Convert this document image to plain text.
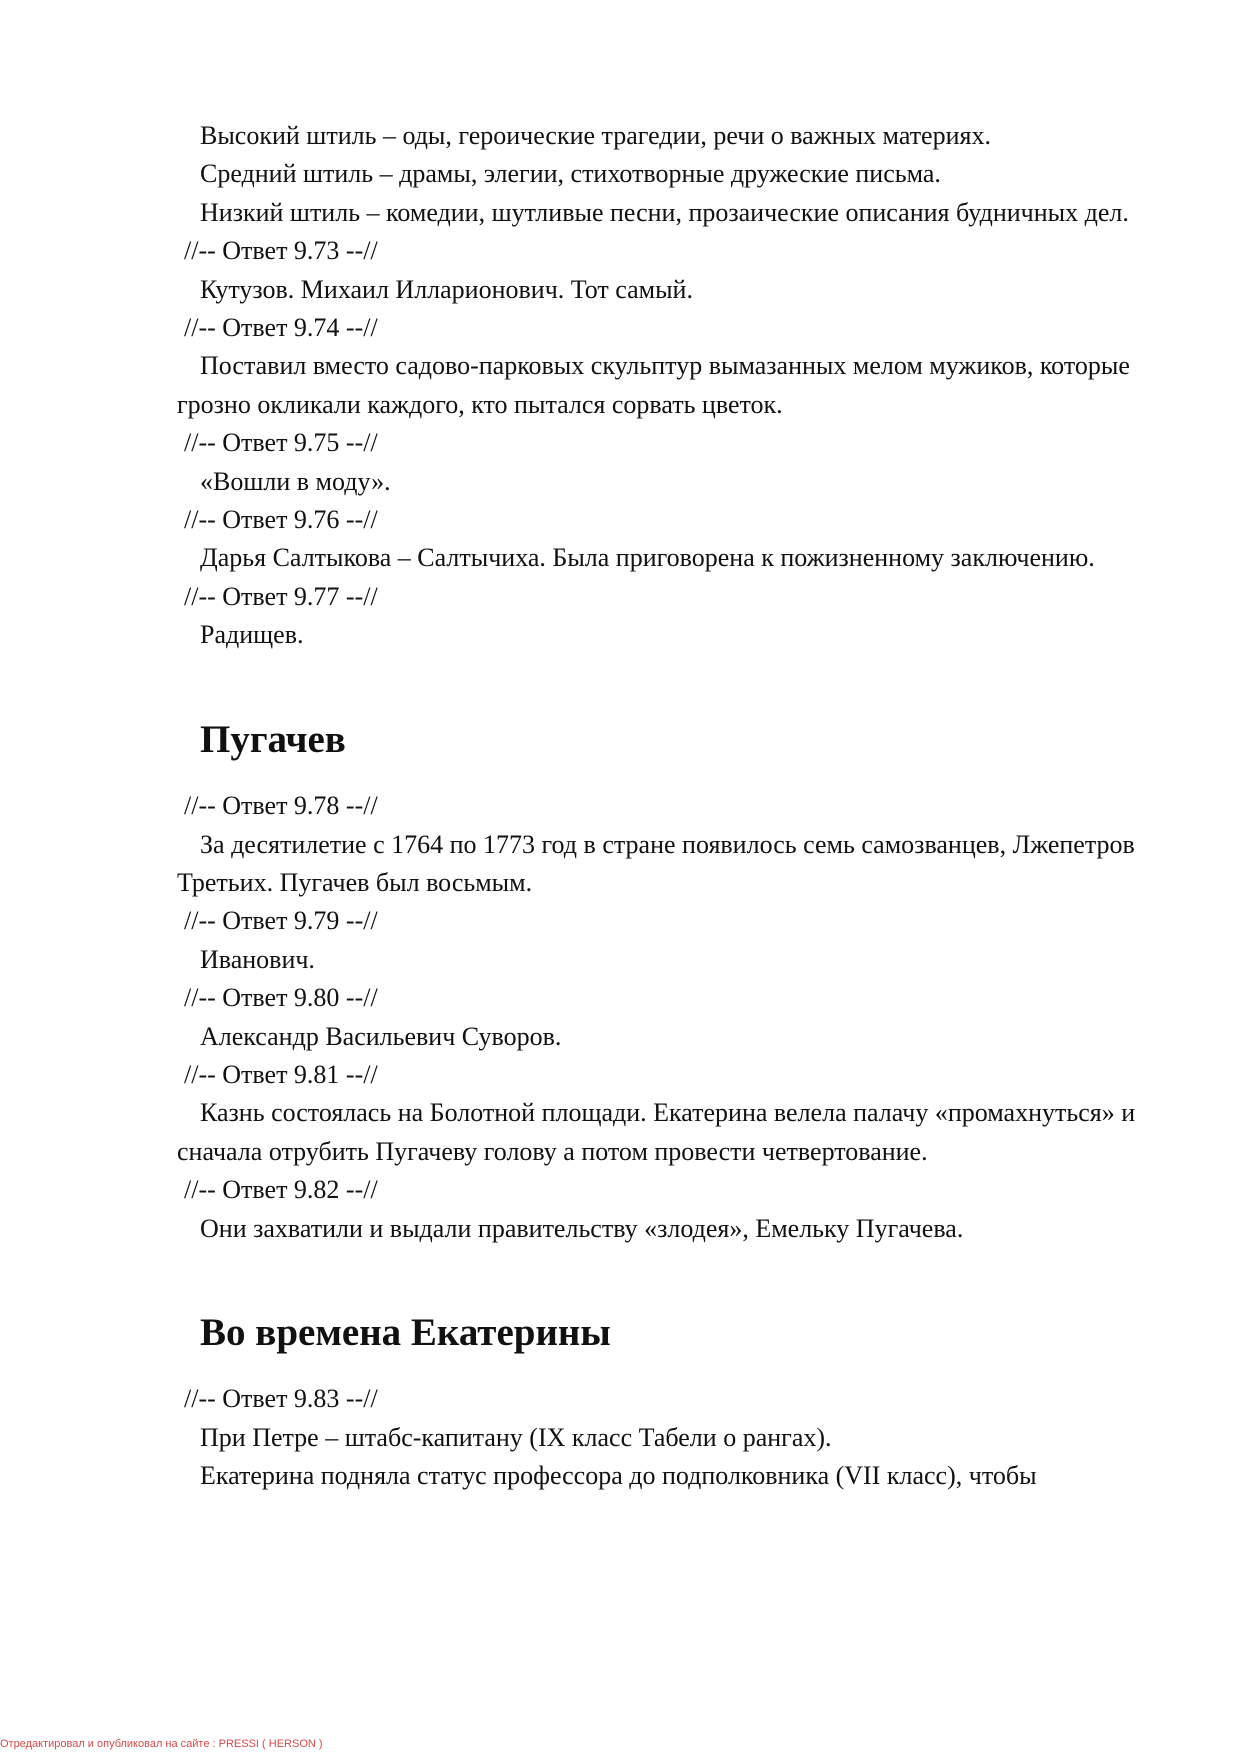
Высокий штиль – оды, героические трагедии, речи о важных материях.

Средний штиль – драмы, элегии, стихотворные дружеские письма.

Низкий штиль – комедии, шутливые песни, прозаические описания будничных дел.

//-- Ответ 9.73 --//

Кутузов. Михаил Илларионович. Тот самый.

//-- Ответ 9.74 --//

Поставил вместо садово-парковых скульптур вымазанных мелом мужиков, которые грозно окликали каждого, кто пытался сорвать цветок.

//-- Ответ 9.75 --//

«Вошли в моду».

//-- Ответ 9.76 --//

Дарья Салтыкова – Салтычиха. Была приговорена к пожизненному заключению.

//-- Ответ 9.77 --//

Радищев.

Пугачев

//-- Ответ 9.78 --//

За десятилетие с 1764 по 1773 год в стране появилось семь самозванцев, Лжепетров Третьих. Пугачев был восьмым.

//-- Ответ 9.79 --//

Иванович.

//-- Ответ 9.80 --//

Александр Васильевич Суворов.

//-- Ответ 9.81 --//

Казнь состоялась на Болотной площади. Екатерина велела палачу «промахнуться» и сначала отрубить Пугачеву голову а потом провести четвертование.

//-- Ответ 9.82 --//

Они захватили и выдали правительству «злодея», Емельку Пугачева.

Во времена Екатерины

//-- Ответ 9.83 --//

При Петре – штабс-капитану (IX класс Табели о рангах).

Екатерина подняла статус профессора до подполковника (VII класс), чтобы

Отредактировал и опубликовал на сайте : PRESSI ( HERSON )
